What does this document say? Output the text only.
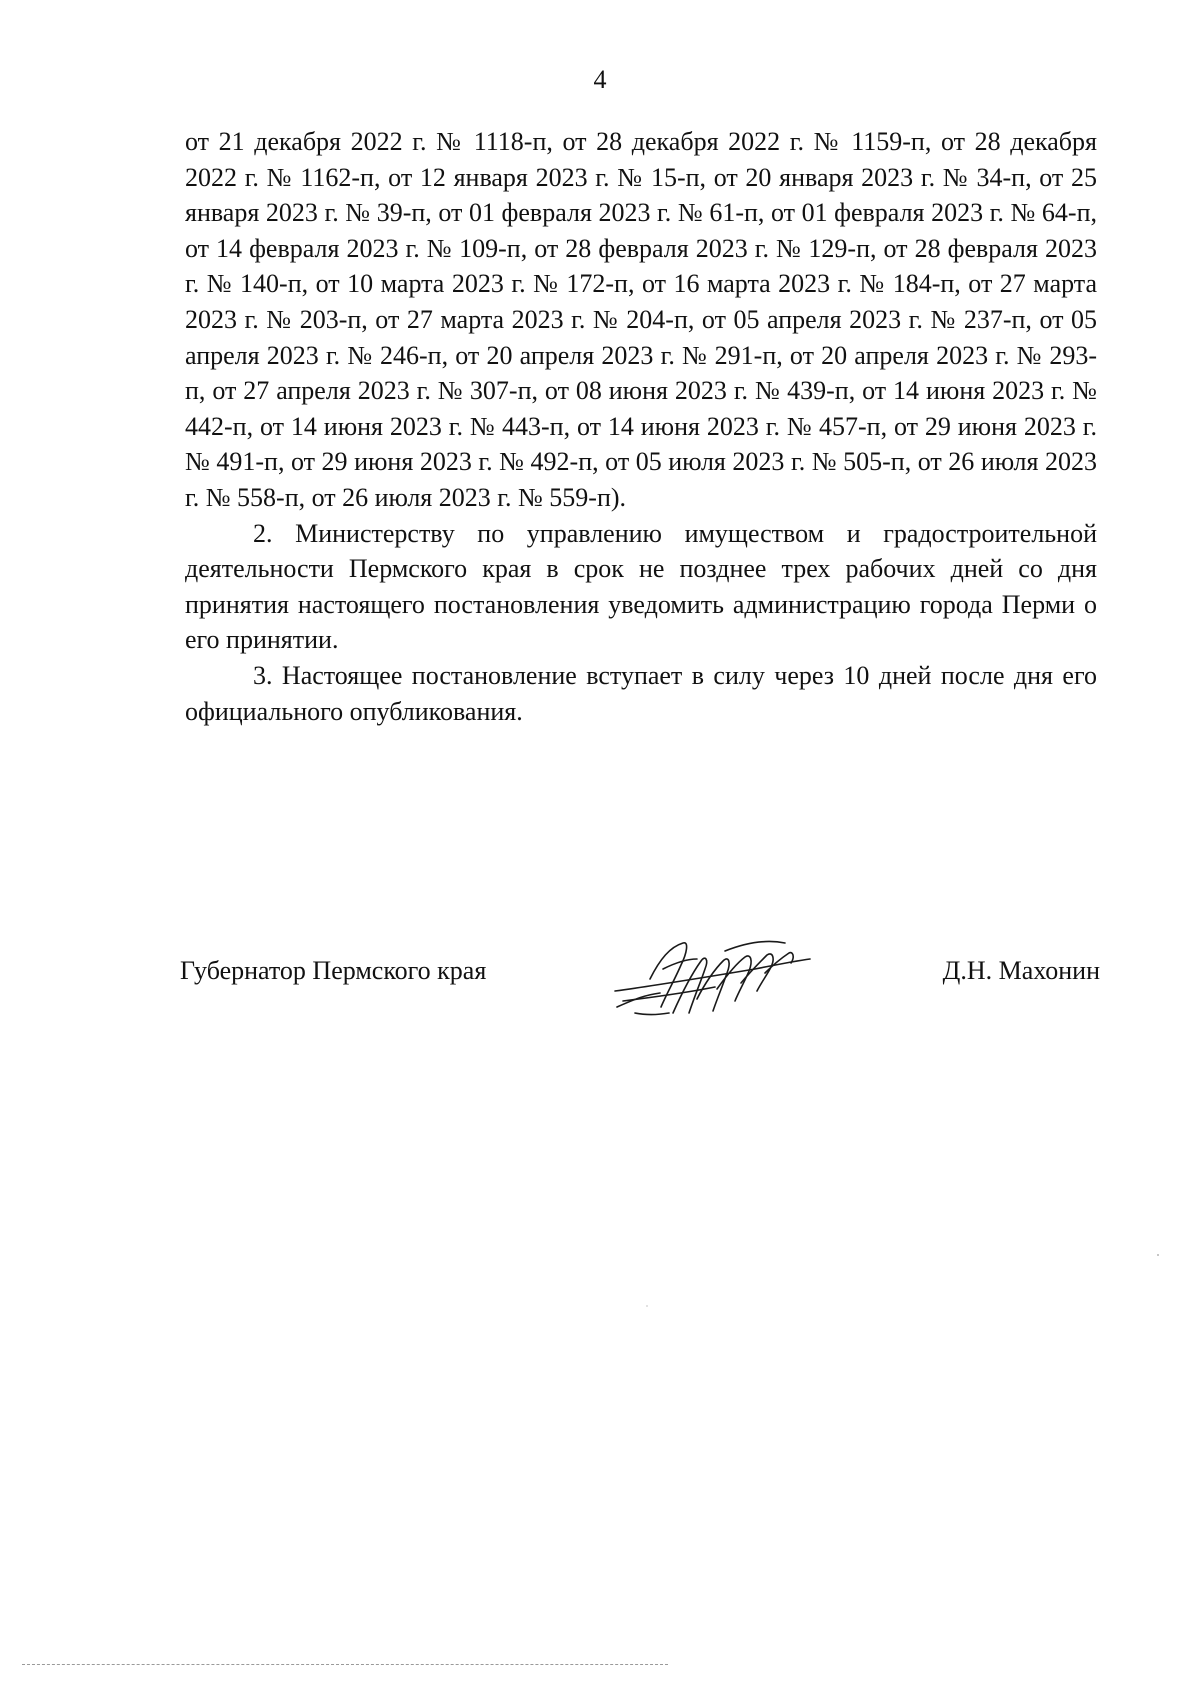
4

от 21 декабря 2022 г. № 1118-п, от 28 декабря 2022 г. № 1159-п, от 28 декабря 2022 г. № 1162-п, от 12 января 2023 г. № 15-п, от 20 января 2023 г. № 34-п, от 25 января 2023 г. № 39-п, от 01 февраля 2023 г. № 61-п, от 01 февраля 2023 г. № 64-п, от 14 февраля 2023 г. № 109-п, от 28 февраля 2023 г. № 129-п, от 28 февраля 2023 г. № 140-п, от 10 марта 2023 г. № 172-п, от 16 марта 2023 г. № 184-п, от 27 марта 2023 г. № 203-п, от 27 марта 2023 г. № 204-п, от 05 апреля 2023 г. № 237-п, от 05 апреля 2023 г. № 246-п, от 20 апреля 2023 г. № 291-п, от 20 апреля 2023 г. № 293-п, от 27 апреля 2023 г. № 307-п, от 08 июня 2023 г. № 439-п, от 14 июня 2023 г. № 442-п, от 14 июня 2023 г. № 443-п, от 14 июня 2023 г. № 457-п, от 29 июня 2023 г. № 491-п, от 29 июня 2023 г. № 492-п, от 05 июля 2023 г. № 505-п, от 26 июля 2023 г. № 558-п, от 26 июля 2023 г. № 559-п).

2. Министерству по управлению имуществом и градостроительной деятельности Пермского края в срок не позднее трех рабочих дней со дня принятия настоящего постановления уведомить администрацию города Перми о его принятии.

3. Настоящее постановление вступает в силу через 10 дней после дня его официального опубликования.

Губернатор Пермского края	Д.Н. Махонин
